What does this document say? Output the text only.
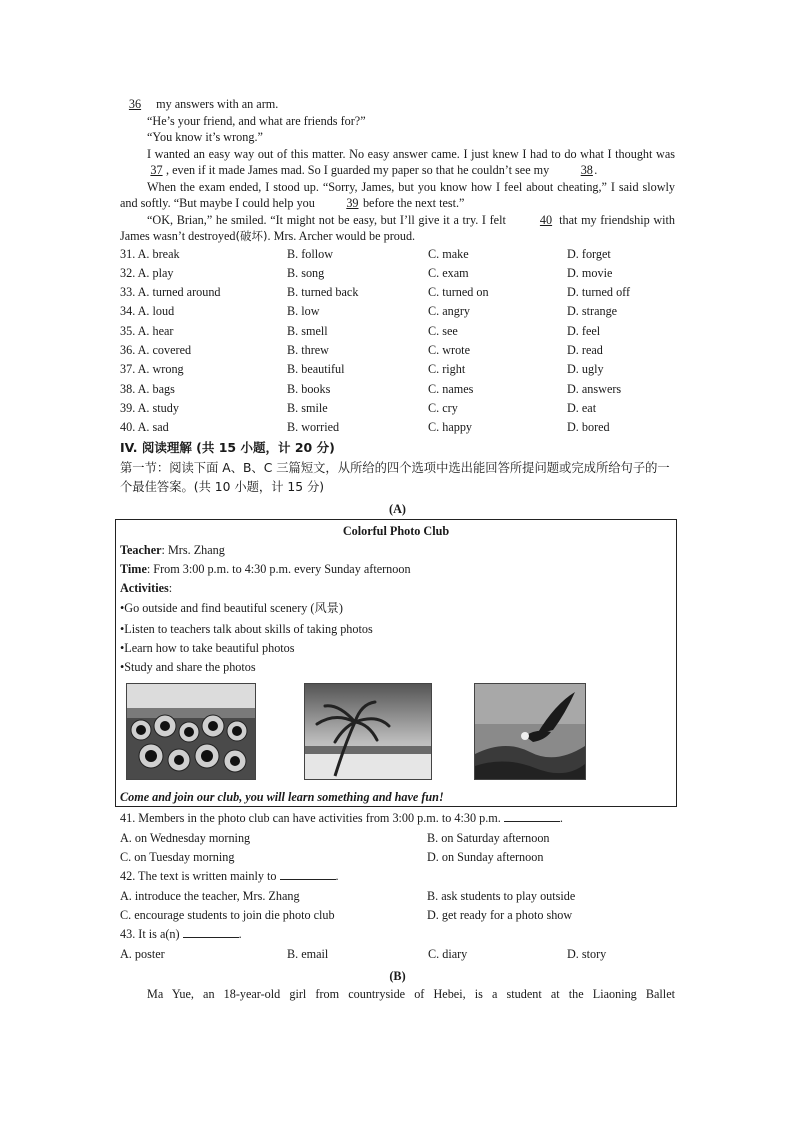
36 my answers with an arm.

“He’s your friend, and what are friends for?”

“You know it’s wrong.”

I wanted an easy way out of this matter. No easy answer came. I just knew I had to do what I thought was 37 , even if it made James mad. So I guarded my paper so that he couldn’t see my	38.

When the exam ended, I stood up. “Sorry, James, but you know how I feel about cheating,” I said slowly and softly. “But maybe I could help you	39 before the next test.”

“OK, Brian,” he smiled. “It might not be easy, but I’ll give it a try. I felt	40 that my friendship with James wasn’t destroyed(破坏). Mrs. Archer would be proud.

31. A. break	B. follow	C. make	D. forget
32. A. play	B. song	C. exam	D. movie
33. A. turned around	B. turned back	C. turned on	D. turned off
34. A. loud	B. low	C. angry	D. strange
35. A. hear	B. smell	C. see	D. feel
36. A. covered	B. threw	C. wrote	D. read
37. A. wrong	B. beautiful	C. right	D. ugly
38. A. bags	B. books	C. names	D. answers
39. A. study	B. smile	C. cry	D. eat
40. A. sad	B. worried	C. happy	D. bored
IV. 阅读理解 (共 15 小题，计 20 分)

第一节：阅读下面 A、B、C 三篇短文，从所给的四个选项中选出能回答所提问题或完成所给句子的一个最佳答案。(共 10 小题，计 15 分)

(A)
Colorful Photo Club
Teacher: Mrs. Zhang
Time: From 3:00 p.m. to 4:30 p.m. every Sunday afternoon
Activities:
•Go outside and find beautiful scenery (风景)
•Listen to teachers talk about skills of taking photos
•Learn how to take beautiful photos
•Study and share the photos
Come and join our club, you will learn something and have fun!

41. Members in the photo club can have activities from 3:00 p.m. to 4:30 p.m.	.

A. on Wednesday morning	B. on Saturday afternoon
C. on Tuesday morning	D. on Sunday afternoon

42. The text is written mainly to	.

A. introduce the teacher, Mrs. Zhang	B. ask students to play outside
C. encourage students to join die photo club	D. get ready for a photo show

43. It is a(n)	.

A. poster	B. email	C. diary	D. story
(B)

Ma Yue, an 18-year-old girl from countryside of Hebei, is a student at the Liaoning Ballet
